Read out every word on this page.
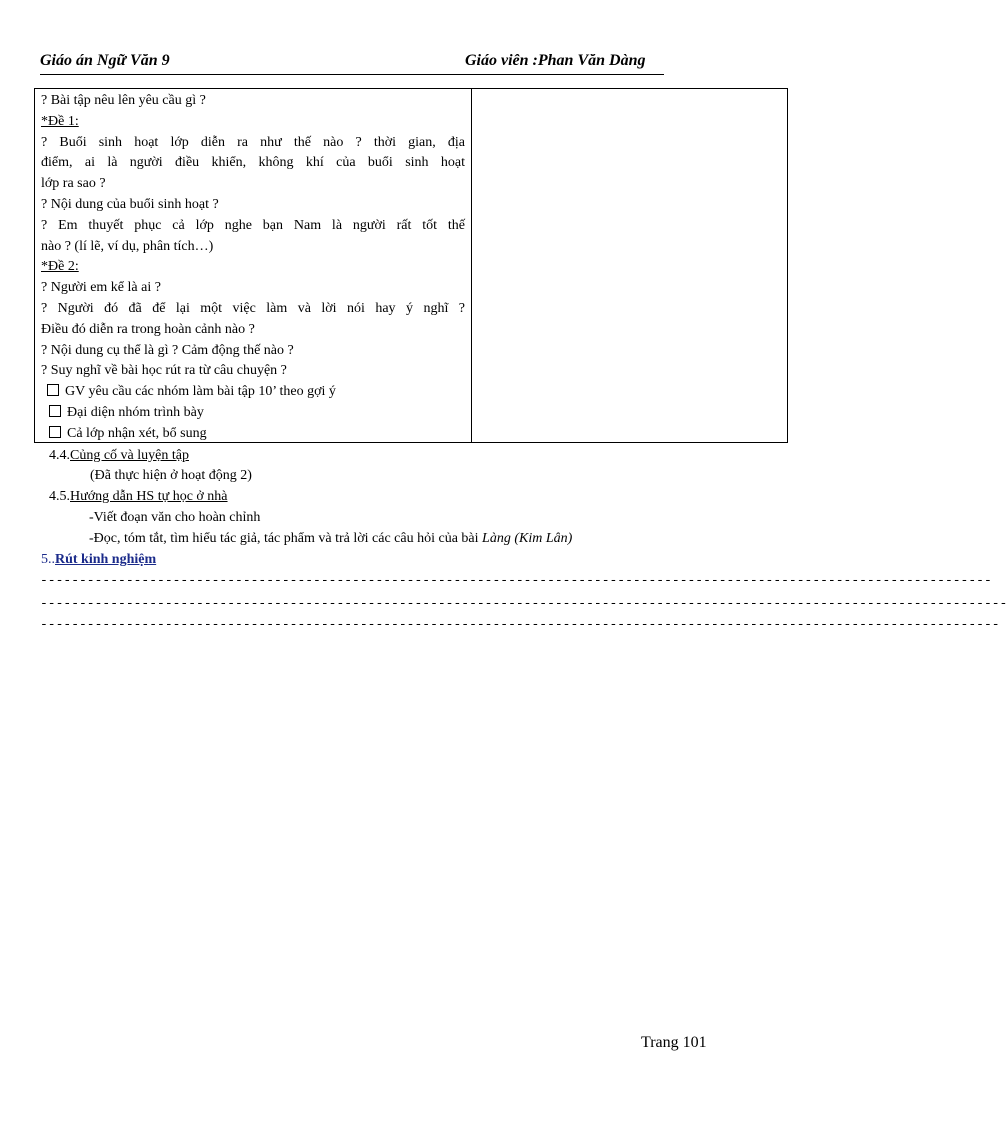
Giáo án Ngữ Văn 9	Giáo viên :Phan Văn Dàng
? Bài tập nêu lên yêu cầu gì ?
*Đề 1:
? Buổi sinh hoạt lớp diễn ra như thế nào ? thời gian, địa
điểm, ai là người điều khiển, không khí của buổi sinh hoạt
lớp ra sao ?
? Nội dung của buổi sinh hoạt ?
? Em thuyết phục cả lớp nghe bạn Nam là người rất tốt thế
nào ? (lí lẽ, ví dụ, phân tích…)
*Đề 2:
? Người em kể là ai ?
? Người đó đã để lại một việc làm và lời nói hay ý nghĩ ?
Điều đó diễn ra trong hoàn cảnh nào ?
? Nội dung cụ thể là gì ? Cảm động thế nào ?
? Suy nghĩ về bài học rút ra từ câu chuyện ?
GV yêu cầu các nhóm làm bài tập 10’ theo gợi ý
Đại diện nhóm trình bày
Cả lớp nhận xét, bổ sung
4.4.Củng cố và luyện tập
(Đã thực hiện ở hoạt động 2)
4.5.Hướng dẫn HS tự học ở nhà
-Viết đoạn văn cho hoàn chỉnh
-Đọc, tóm tắt, tìm hiểu tác giả, tác phẩm và trả lời các câu hỏi của bài Làng (Kim Lân)
5..Rút kinh nghiệm
--------------------------------------------------------------------------------------------------------------------------
----------------------------------------------------------------------------------------------------------------------------
---------------------------------------------------------------------------------------------------------------------------
Trang 101
